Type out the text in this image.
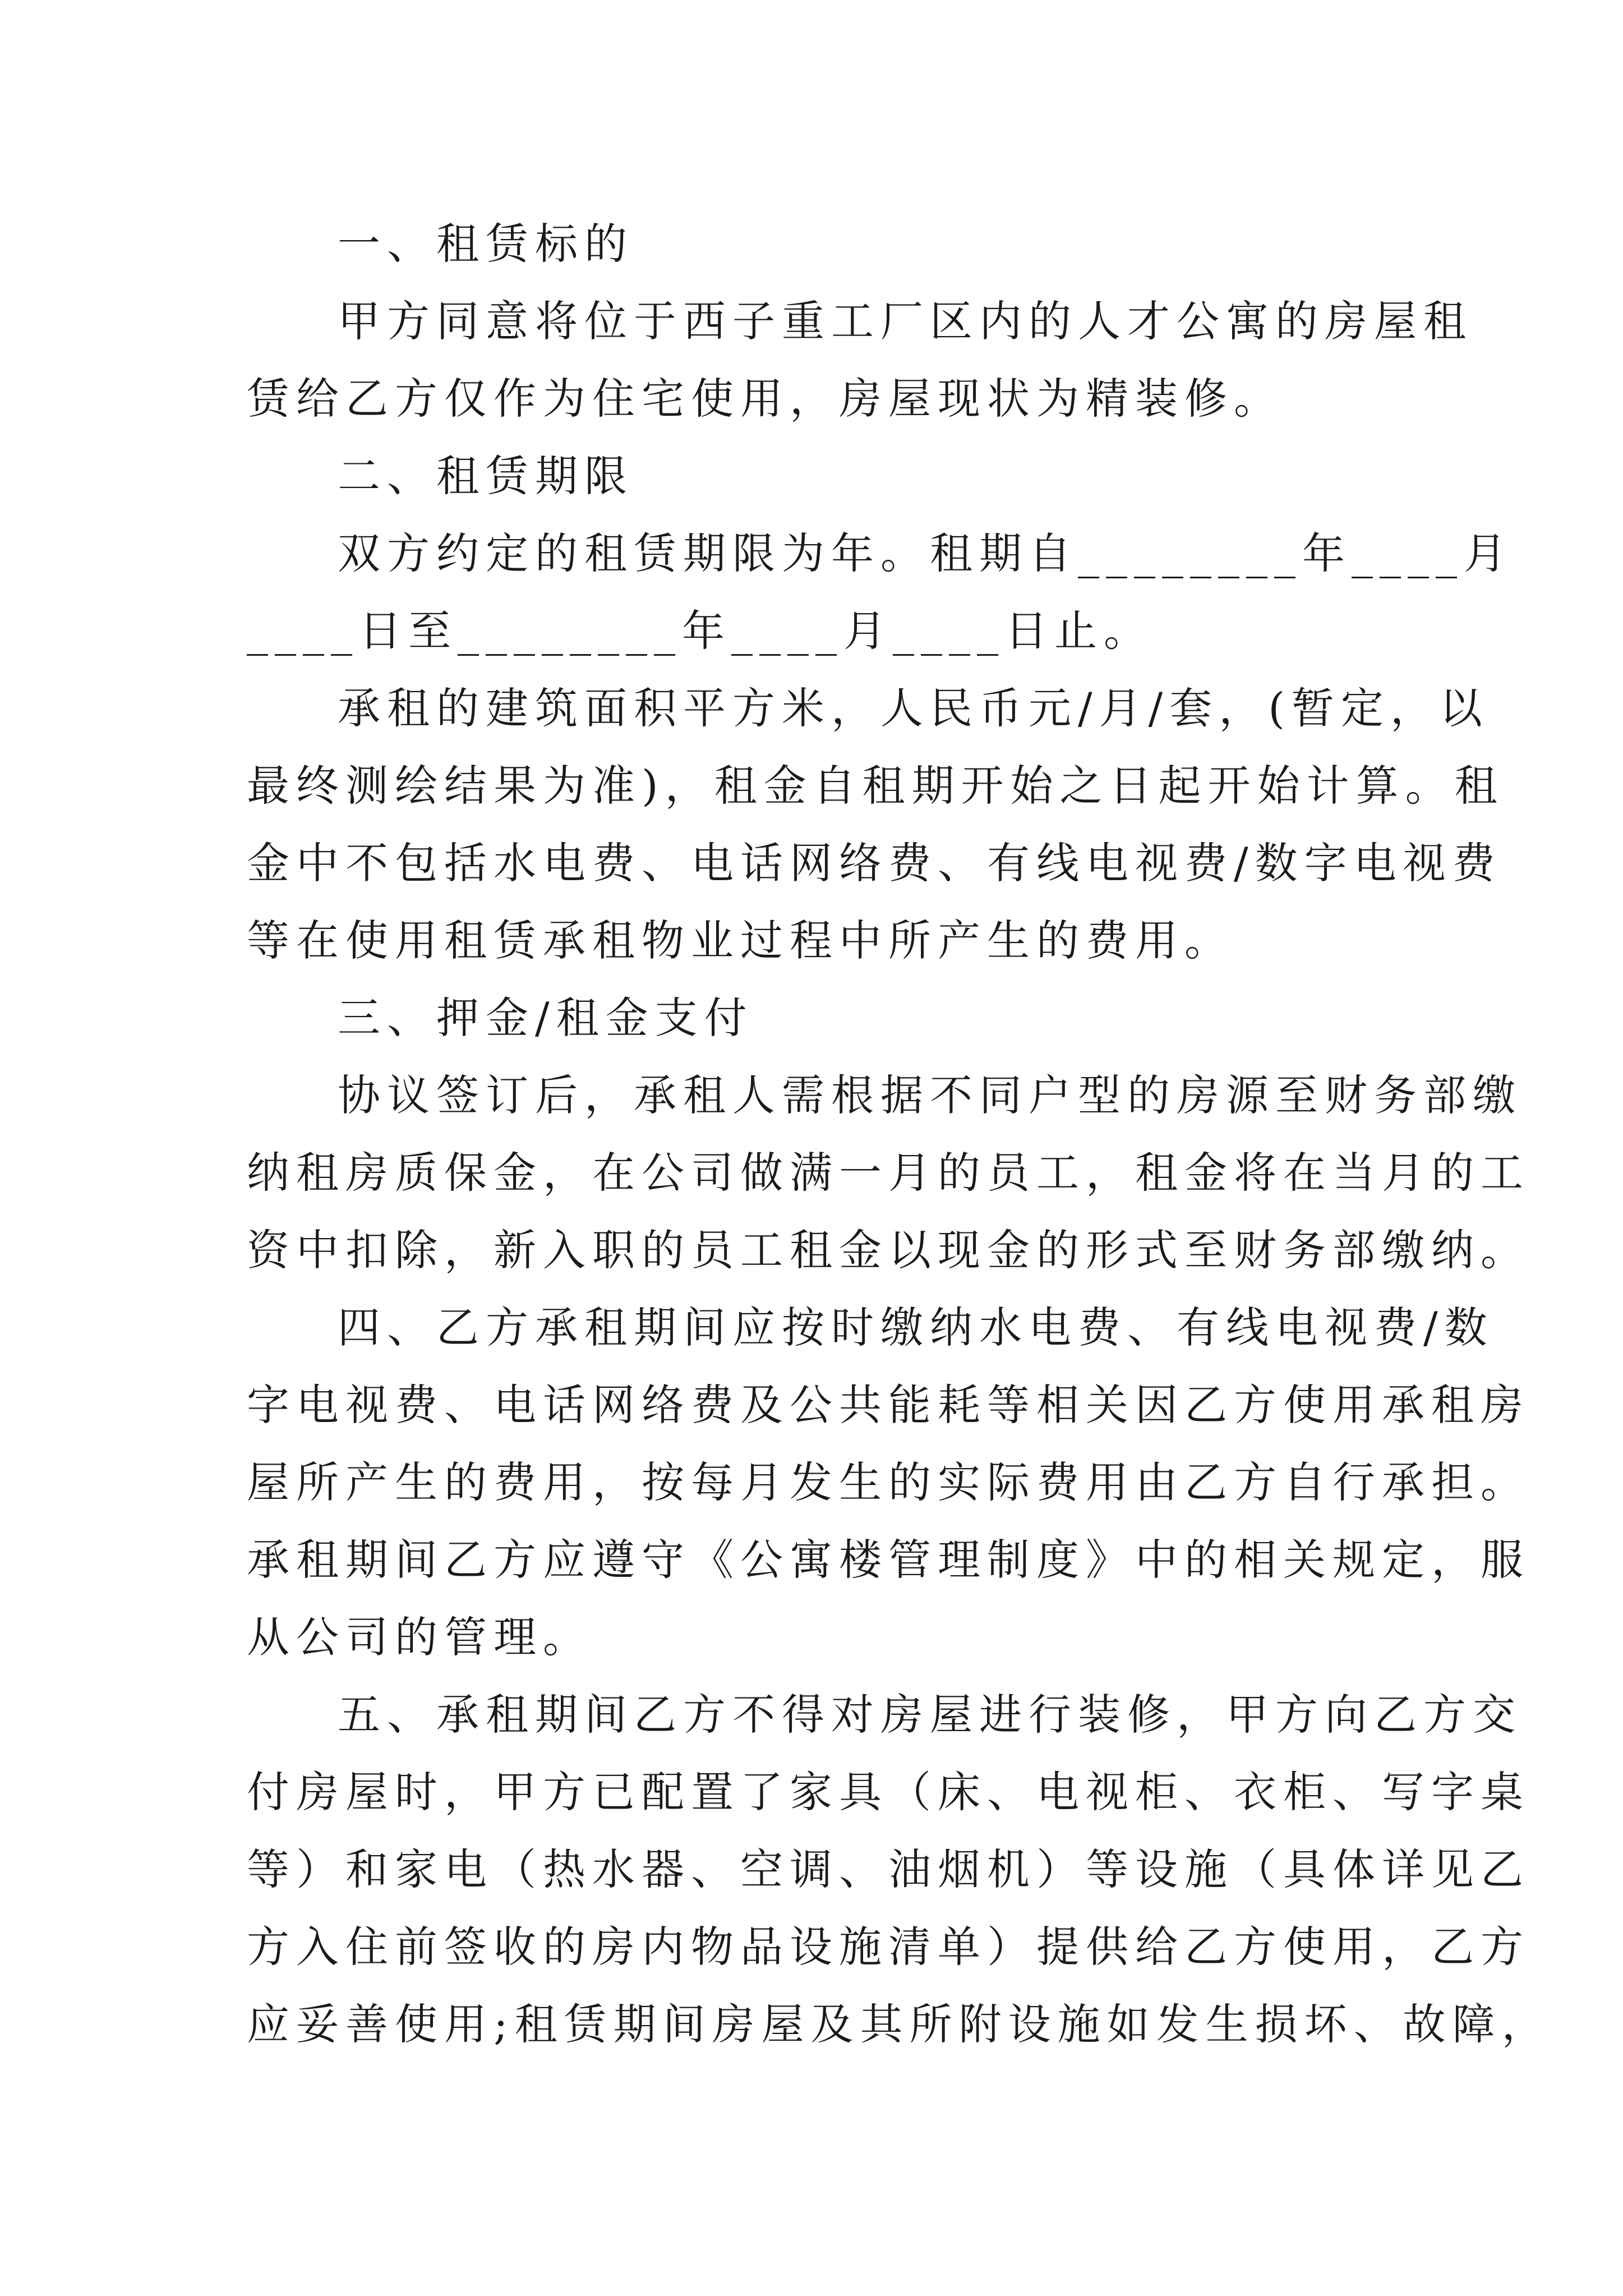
一、租赁标的
甲方同意将位于西子重工厂区内的人才公寓的房屋租
赁给乙方仅作为住宅使用，房屋现状为精装修。
二、租赁期限
双方约定的租赁期限为年。租期自________年____月
____日至________年____月____日止。
承租的建筑面积平方米，人民币元/月/套，(暂定，以
最终测绘结果为准)，租金自租期开始之日起开始计算。租
金中不包括水电费、电话网络费、有线电视费/数字电视费
等在使用租赁承租物业过程中所产生的费用。
三、押金/租金支付
协议签订后，承租人需根据不同户型的房源至财务部缴
纳租房质保金，在公司做满一月的员工，租金将在当月的工
资中扣除，新入职的员工租金以现金的形式至财务部缴纳。
四、乙方承租期间应按时缴纳水电费、有线电视费/数
字电视费、电话网络费及公共能耗等相关因乙方使用承租房
屋所产生的费用，按每月发生的实际费用由乙方自行承担。
承租期间乙方应遵守《公寓楼管理制度》中的相关规定，服
从公司的管理。
五、承租期间乙方不得对房屋进行装修，甲方向乙方交
付房屋时，甲方已配置了家具（床、电视柜、衣柜、写字桌
等）和家电（热水器、空调、油烟机）等设施（具体详见乙
方入住前签收的房内物品设施清单）提供给乙方使用，乙方
应妥善使用;租赁期间房屋及其所附设施如发生损坏、故障，
